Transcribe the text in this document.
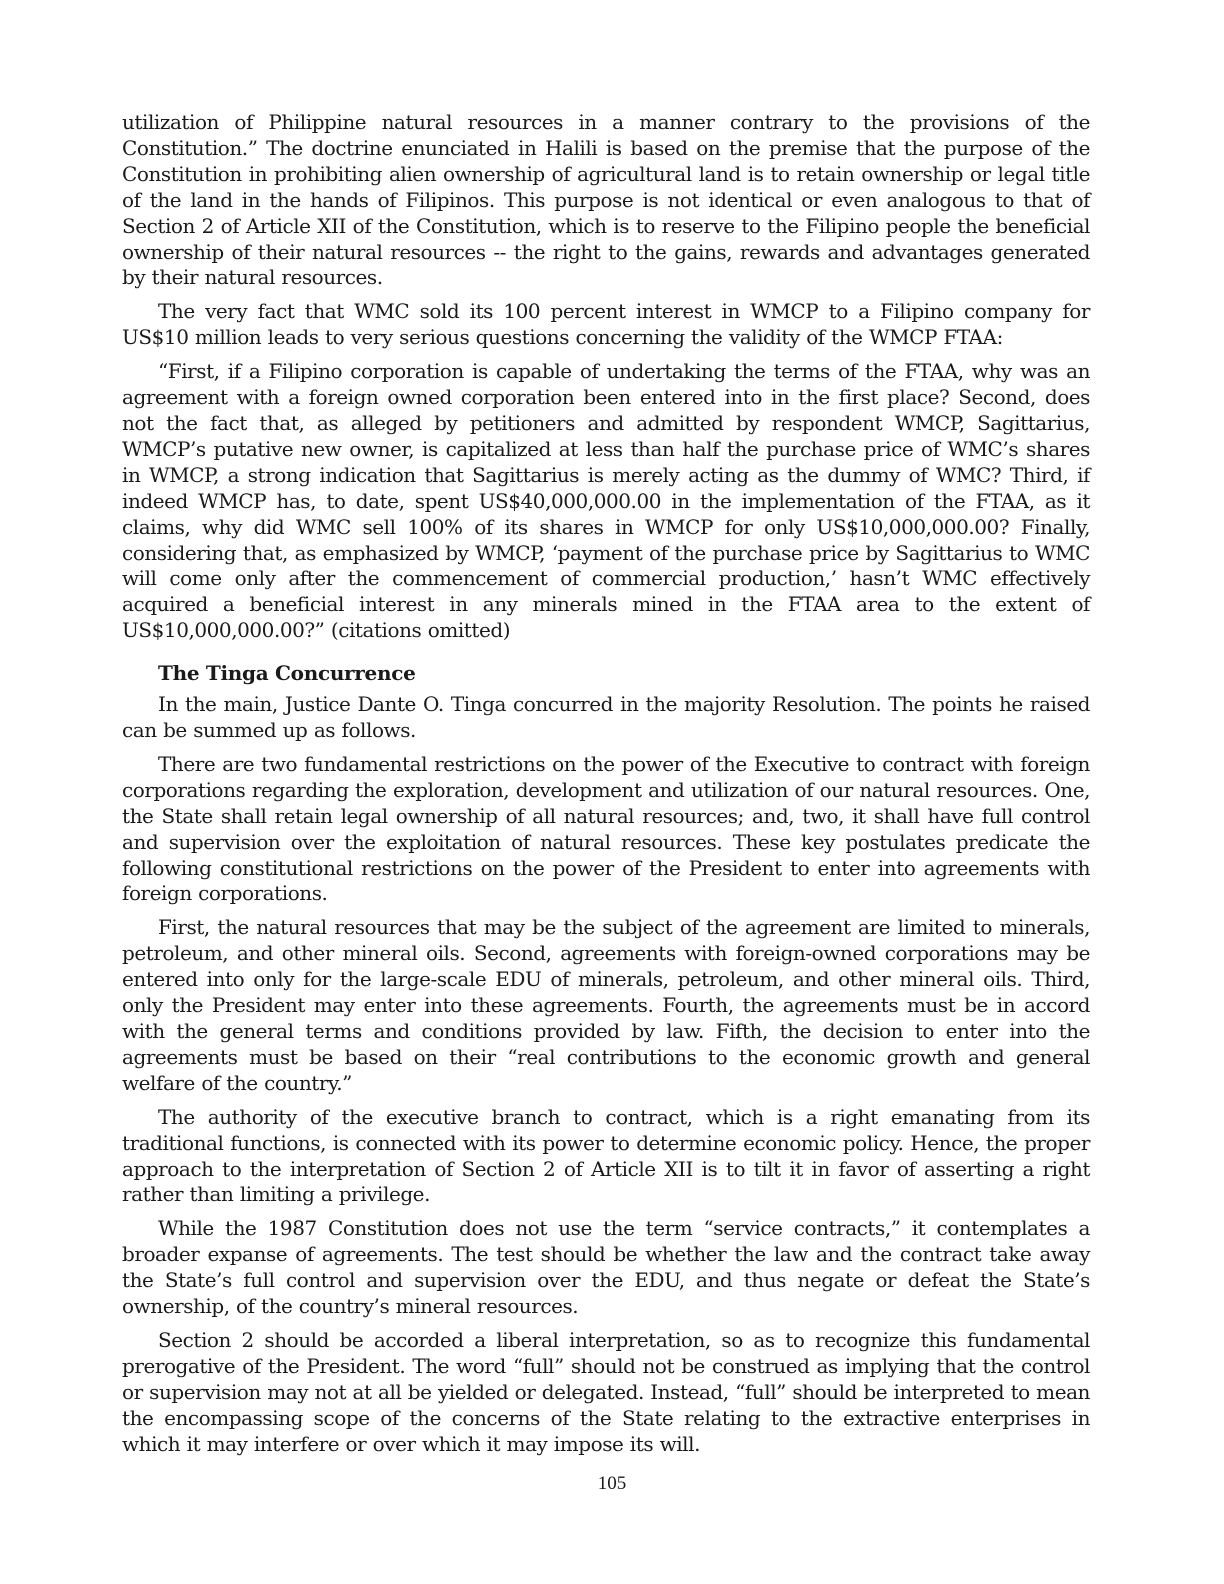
utilization of Philippine natural resources in a manner contrary to the provisions of the Constitution.” The doctrine enunciated in Halili is based on the premise that the purpose of the Constitution in prohibiting alien ownership of agricultural land is to retain ownership or legal title of the land in the hands of Filipinos. This purpose is not identical or even analogous to that of Section 2 of Article XII of the Constitution, which is to reserve to the Filipino people the beneficial ownership of their natural resources -- the right to the gains, rewards and advantages generated by their natural resources.

The very fact that WMC sold its 100 percent interest in WMCP to a Filipino company for US$10 million leads to very serious questions concerning the validity of the WMCP FTAA:

“First, if a Filipino corporation is capable of undertaking the terms of the FTAA, why was an agreement with a foreign owned corporation been entered into in the first place? Second, does not the fact that, as alleged by petitioners and admitted by respondent WMCP, Sagittarius, WMCP’s putative new owner, is capitalized at less than half the purchase price of WMC’s shares in WMCP, a strong indication that Sagittarius is merely acting as the dummy of WMC? Third, if indeed WMCP has, to date, spent US$40,000,000.00 in the implementation of the FTAA, as it claims, why did WMC sell 100% of its shares in WMCP for only US$10,000,000.00? Finally, considering that, as emphasized by WMCP, ‘payment of the purchase price by Sagittarius to WMC will come only after the commencement of commercial production,’ hasn’t WMC effectively acquired a beneficial interest in any minerals mined in the FTAA area to the extent of US$10,000,000.00?” (citations omitted)

The Tinga Concurrence

In the main, Justice Dante O. Tinga concurred in the majority Resolution. The points he raised can be summed up as follows.

There are two fundamental restrictions on the power of the Executive to contract with foreign corporations regarding the exploration, development and utilization of our natural resources. One, the State shall retain legal ownership of all natural resources; and, two, it shall have full control and supervision over the exploitation of natural resources. These key postulates predicate the following constitutional restrictions on the power of the President to enter into agreements with foreign corporations.

First, the natural resources that may be the subject of the agreement are limited to minerals, petroleum, and other mineral oils. Second, agreements with foreign-owned corporations may be entered into only for the large-scale EDU of minerals, petroleum, and other mineral oils. Third, only the President may enter into these agreements. Fourth, the agreements must be in accord with the general terms and conditions provided by law. Fifth, the decision to enter into the agreements must be based on their “real contributions to the economic growth and general welfare of the country.”

The authority of the executive branch to contract, which is a right emanating from its traditional functions, is connected with its power to determine economic policy. Hence, the proper approach to the interpretation of Section 2 of Article XII is to tilt it in favor of asserting a right rather than limiting a privilege.

While the 1987 Constitution does not use the term “service contracts,” it contemplates a broader expanse of agreements. The test should be whether the law and the contract take away the State’s full control and supervision over the EDU, and thus negate or defeat the State’s ownership, of the country’s mineral resources.

Section 2 should be accorded a liberal interpretation, so as to recognize this fundamental prerogative of the President. The word “full” should not be construed as implying that the control or supervision may not at all be yielded or delegated. Instead, “full” should be interpreted to mean the encompassing scope of the concerns of the State relating to the extractive enterprises in which it may interfere or over which it may impose its will.

105
